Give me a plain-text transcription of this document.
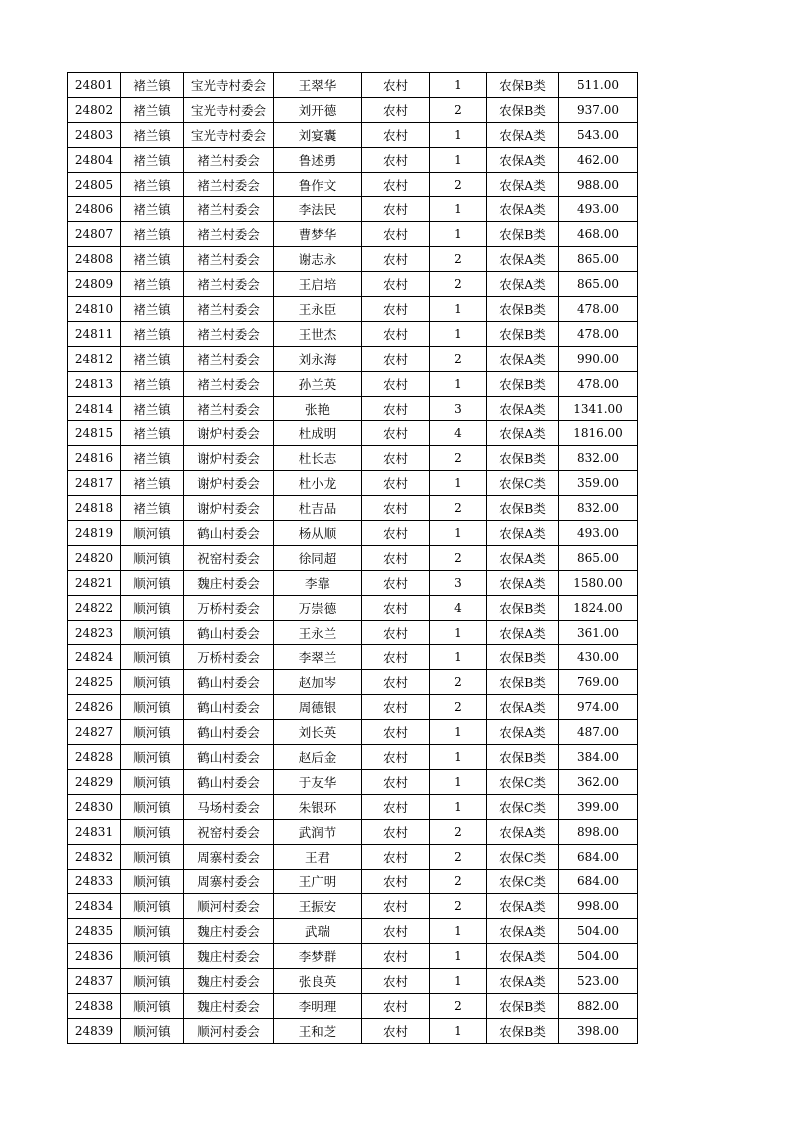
24801	褚兰镇	宝光寺村委会	王翠华	农村	1	农保B类	511.00
24802	褚兰镇	宝光寺村委会	刘开德	农村	2	农保B类	937.00
24803	褚兰镇	宝光寺村委会	刘宴囊	农村	1	农保A类	543.00
24804	褚兰镇	褚兰村委会	鲁述勇	农村	1	农保A类	462.00
24805	褚兰镇	褚兰村委会	鲁作文	农村	2	农保A类	988.00
24806	褚兰镇	褚兰村委会	李法民	农村	1	农保A类	493.00
24807	褚兰镇	褚兰村委会	曹梦华	农村	1	农保B类	468.00
24808	褚兰镇	褚兰村委会	谢志永	农村	2	农保A类	865.00
24809	褚兰镇	褚兰村委会	王启培	农村	2	农保A类	865.00
24810	褚兰镇	褚兰村委会	王永臣	农村	1	农保B类	478.00
24811	褚兰镇	褚兰村委会	王世杰	农村	1	农保B类	478.00
24812	褚兰镇	褚兰村委会	刘永海	农村	2	农保A类	990.00
24813	褚兰镇	褚兰村委会	孙兰英	农村	1	农保B类	478.00
24814	褚兰镇	褚兰村委会	张艳	农村	3	农保A类	1341.00
24815	褚兰镇	谢炉村委会	杜成明	农村	4	农保A类	1816.00
24816	褚兰镇	谢炉村委会	杜长志	农村	2	农保B类	832.00
24817	褚兰镇	谢炉村委会	杜小龙	农村	1	农保C类	359.00
24818	褚兰镇	谢炉村委会	杜吉品	农村	2	农保B类	832.00
24819	顺河镇	鹤山村委会	杨从顺	农村	1	农保A类	493.00
24820	顺河镇	祝窑村委会	徐同超	农村	2	农保A类	865.00
24821	顺河镇	魏庄村委会	李靠	农村	3	农保A类	1580.00
24822	顺河镇	万桥村委会	万崇德	农村	4	农保B类	1824.00
24823	顺河镇	鹤山村委会	王永兰	农村	1	农保A类	361.00
24824	顺河镇	万桥村委会	李翠兰	农村	1	农保B类	430.00
24825	顺河镇	鹤山村委会	赵加岑	农村	2	农保B类	769.00
24826	顺河镇	鹤山村委会	周德银	农村	2	农保A类	974.00
24827	顺河镇	鹤山村委会	刘长英	农村	1	农保A类	487.00
24828	顺河镇	鹤山村委会	赵后金	农村	1	农保B类	384.00
24829	顺河镇	鹤山村委会	于友华	农村	1	农保C类	362.00
24830	顺河镇	马场村委会	朱银环	农村	1	农保C类	399.00
24831	顺河镇	祝窑村委会	武润节	农村	2	农保A类	898.00
24832	顺河镇	周寨村委会	王君	农村	2	农保C类	684.00
24833	顺河镇	周寨村委会	王广明	农村	2	农保C类	684.00
24834	顺河镇	顺河村委会	王振安	农村	2	农保A类	998.00
24835	顺河镇	魏庄村委会	武瑞	农村	1	农保A类	504.00
24836	顺河镇	魏庄村委会	李梦群	农村	1	农保A类	504.00
24837	顺河镇	魏庄村委会	张良英	农村	1	农保A类	523.00
24838	顺河镇	魏庄村委会	李明理	农村	2	农保B类	882.00
24839	顺河镇	顺河村委会	王和芝	农村	1	农保B类	398.00
